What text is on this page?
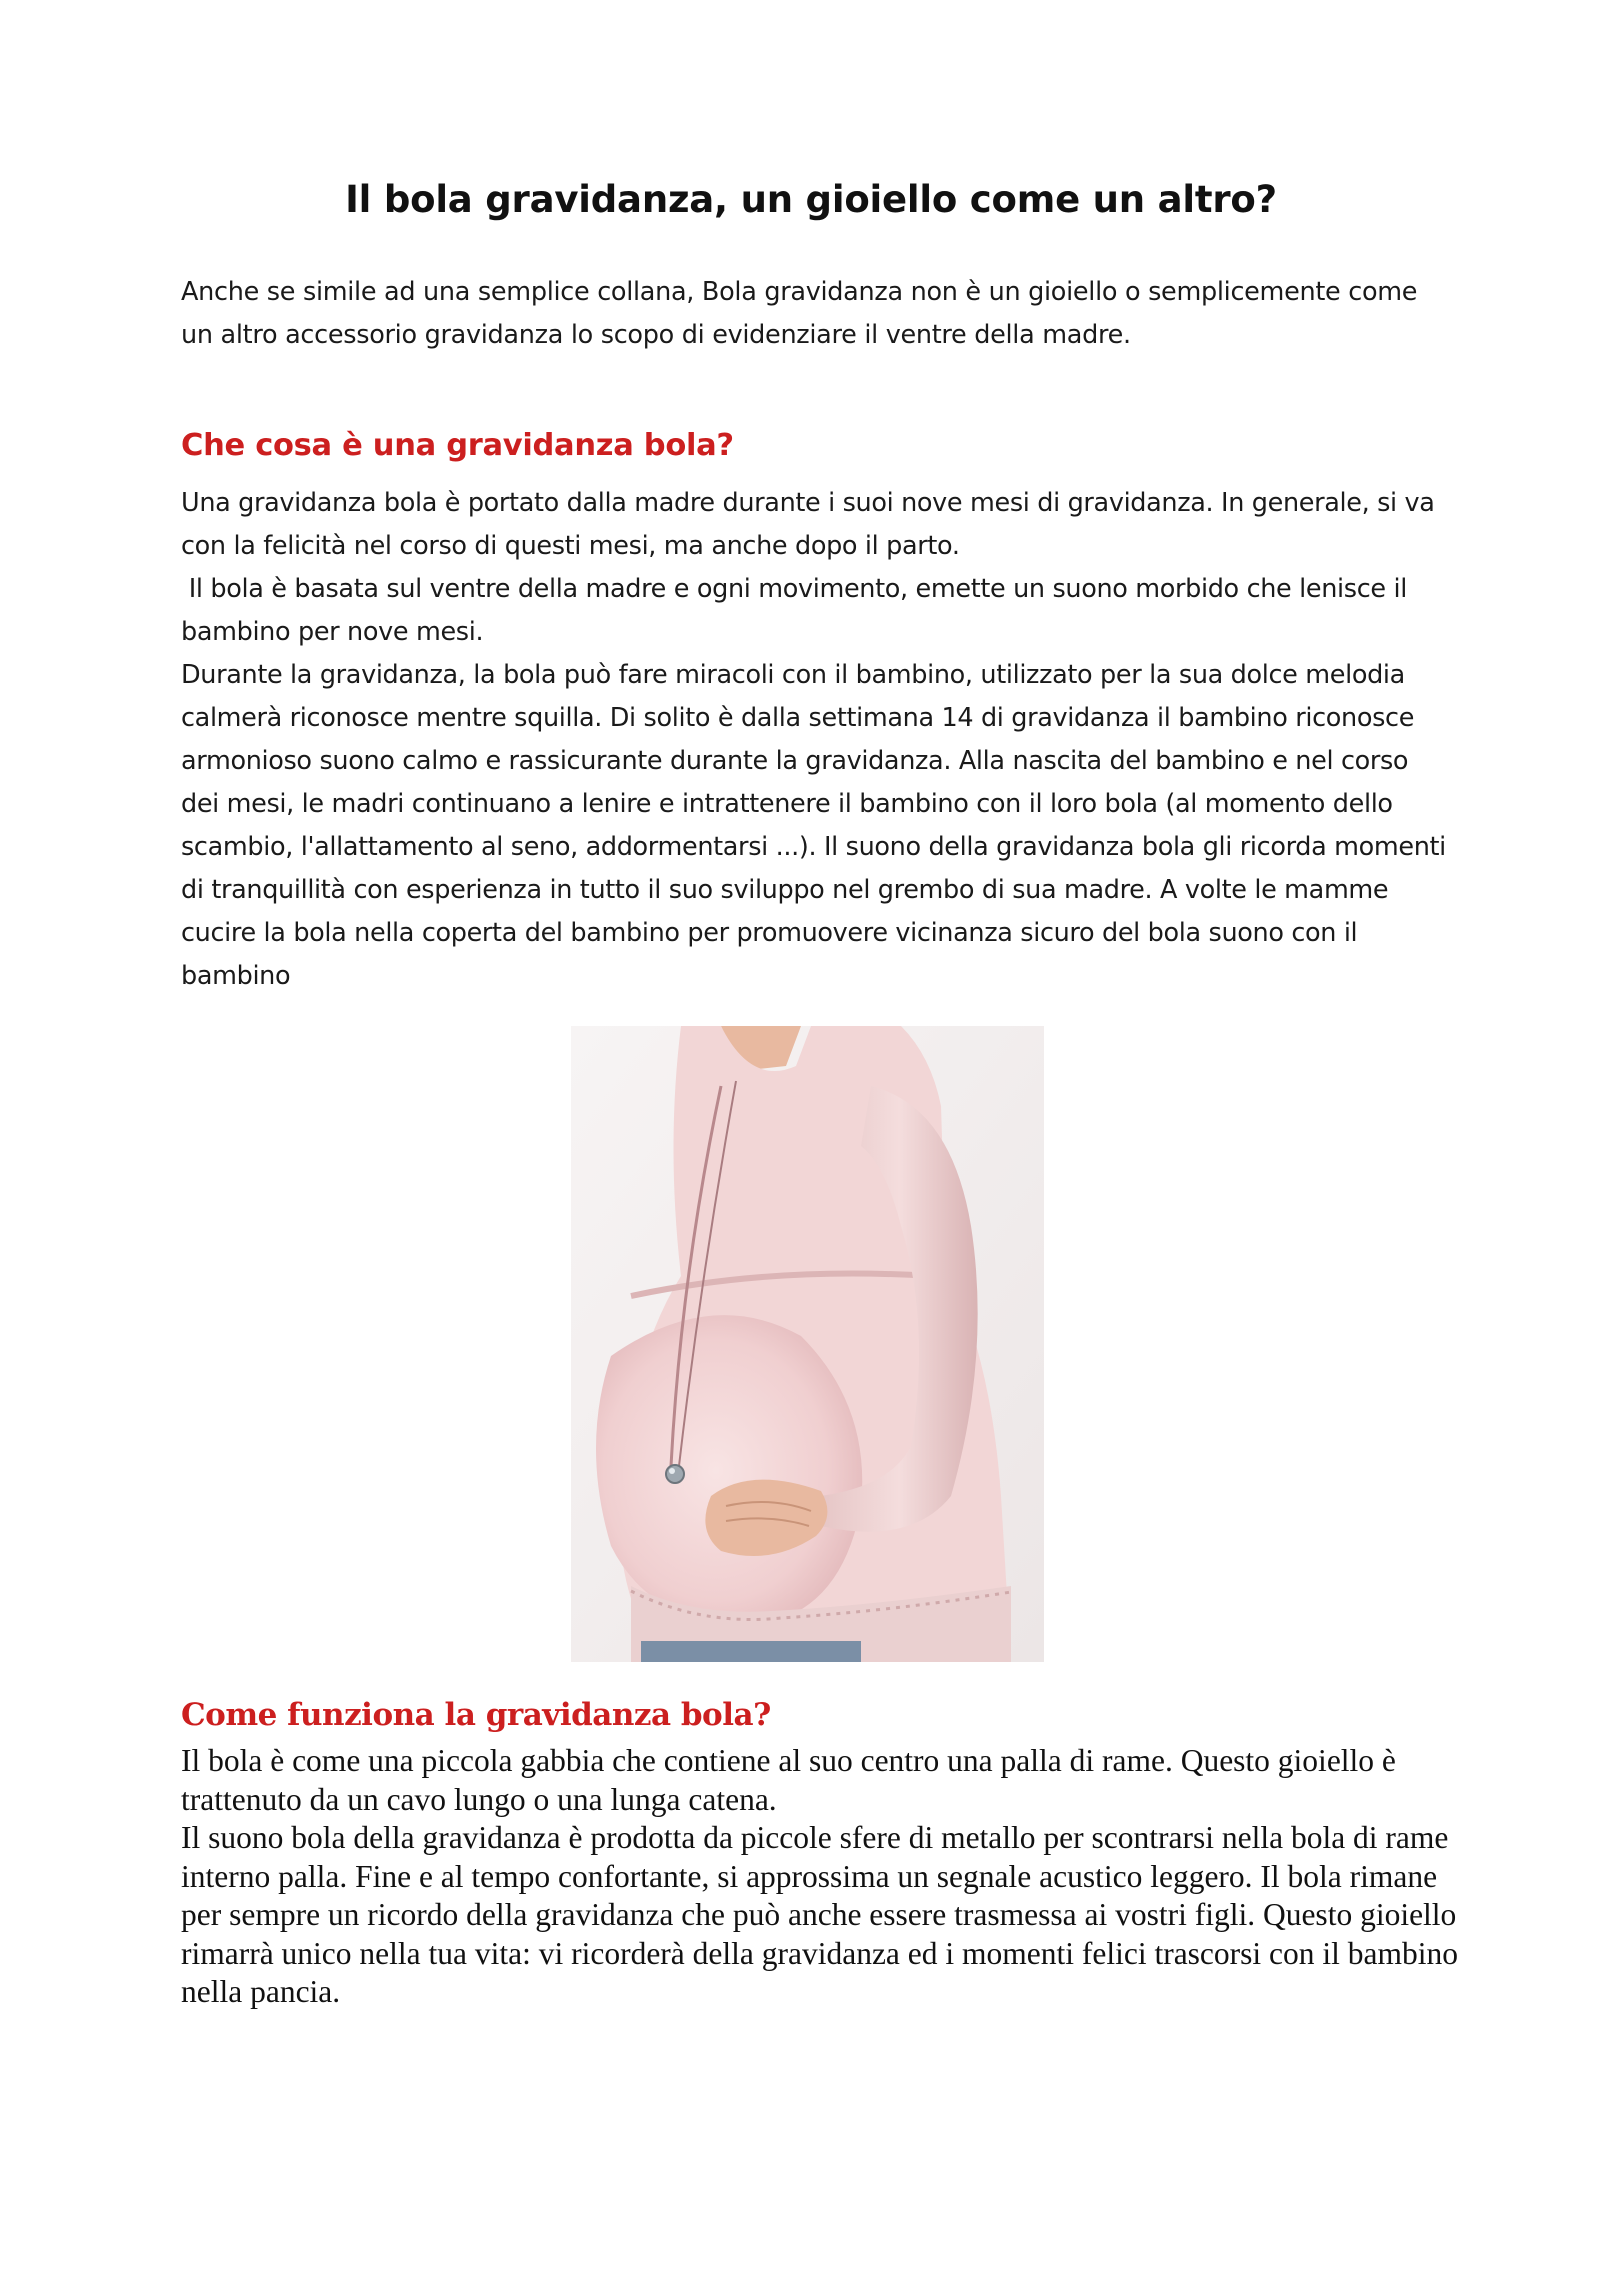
Il bola gravidanza, un gioiello come un altro?

Anche se simile ad una semplice collana, Bola gravidanza non è un gioiello o semplicemente come un altro accessorio gravidanza lo scopo di evidenziare il ventre della madre.

Che cosa è una gravidanza bola?

Una gravidanza bola è portato dalla madre durante i suoi nove mesi di gravidanza. In generale, si va con la felicità nel corso di questi mesi, ma anche dopo il parto.

Il bola è basata sul ventre della madre e ogni movimento, emette un suono morbido che lenisce il bambino per nove mesi.

Durante la gravidanza, la bola può fare miracoli con il bambino, utilizzato per la sua dolce melodia calmerà riconosce mentre squilla. Di solito è dalla settimana 14 di gravidanza il bambino riconosce armonioso suono calmo e rassicurante durante la gravidanza. Alla nascita del bambino e nel corso dei mesi, le madri continuano a lenire e intrattenere il bambino con il loro bola (al momento dello scambio, l'allattamento al seno, addormentarsi ...). Il suono della gravidanza bola gli ricorda momenti di tranquillità con esperienza in tutto il suo sviluppo nel grembo di sua madre. A volte le mamme cucire la bola nella coperta del bambino per promuovere vicinanza sicuro del bola suono con il bambino

Come funziona la gravidanza bola?

Il bola è come una piccola gabbia che contiene al suo centro una palla di rame. Questo gioiello è trattenuto da un cavo lungo o una lunga catena.

Il suono bola della gravidanza è prodotta da piccole sfere di metallo per scontrarsi nella bola di rame interno palla. Fine e al tempo confortante, si approssima un segnale acustico leggero. Il bola rimane per sempre un ricordo della gravidanza che può anche essere trasmessa ai vostri figli. Questo gioiello rimarrà unico nella tua vita: vi ricorderà della gravidanza ed i momenti felici trascorsi con il bambino nella pancia.
